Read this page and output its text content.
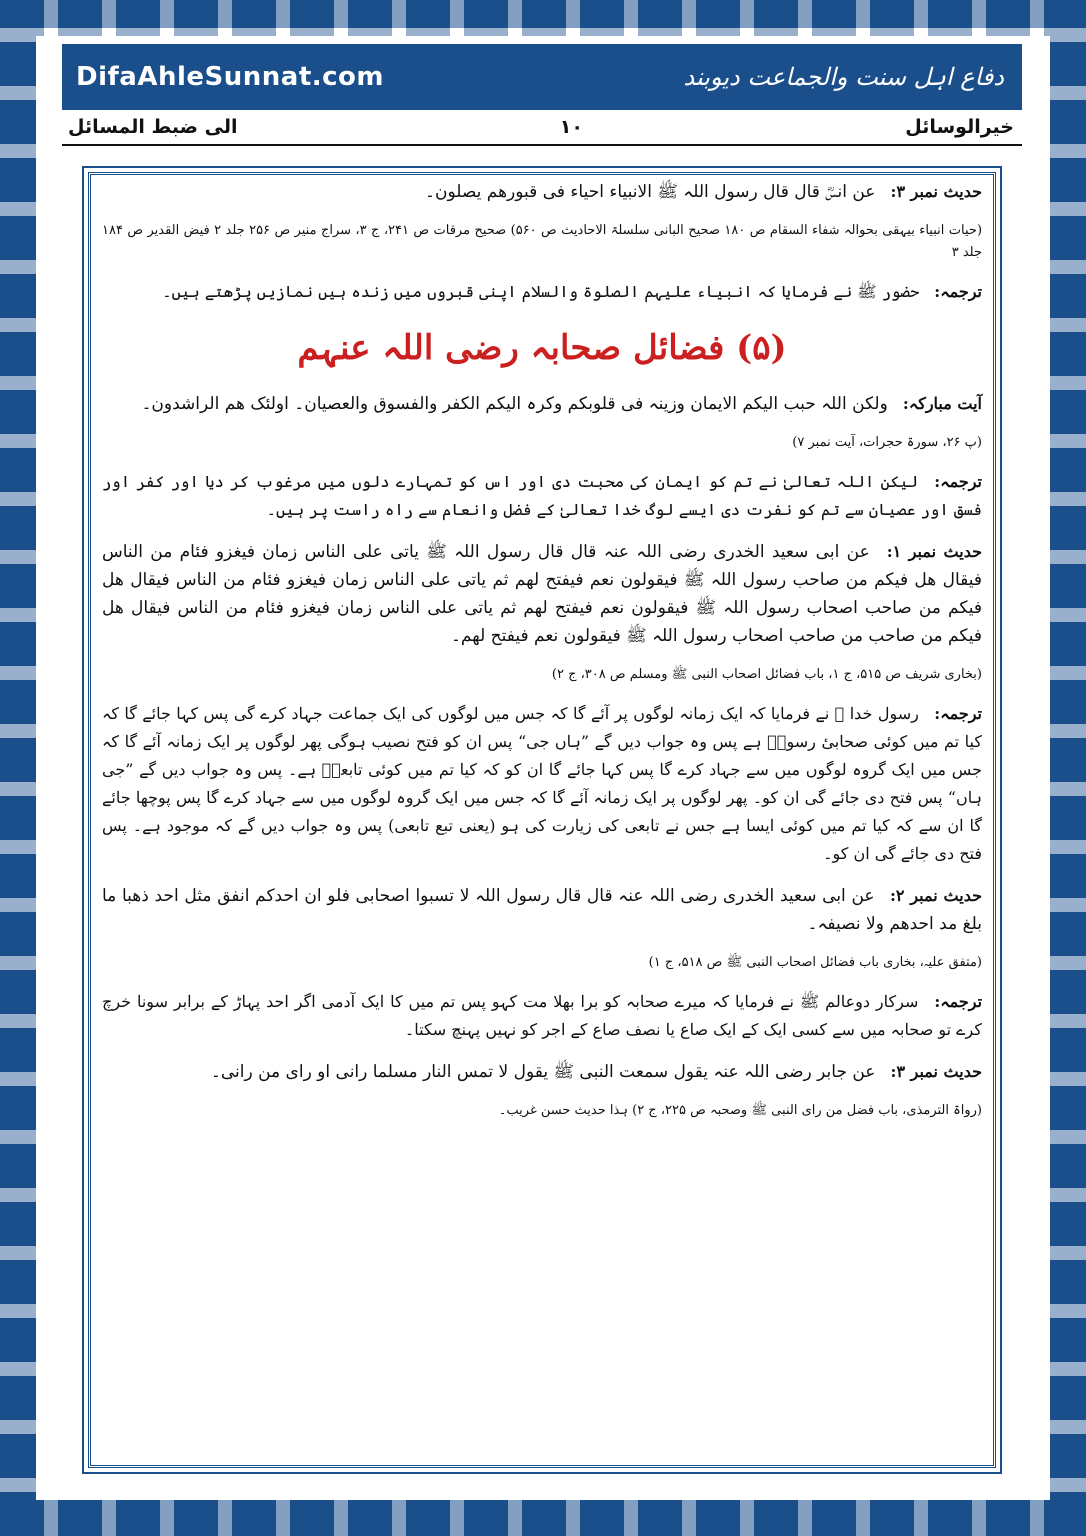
DifaAhleSunnat.com	دفاع اہل سنت والجماعت دیوبند
الی ضبط المسائل	۱۰	خیرالوسائل
حدیث نمبر ۳: عن انسؓ قال قال رسول اللہ ﷺ الانبیاء احیاء فی قبورھم یصلون۔
(حیات انبیاء بیہقی بحوالہ شفاء السقام ص ۱۸۰ صحیح البانی سلسلۃ الاحادیث ص ۵۶۰) صحیح مرقات ص ۲۴۱، ج ۳، سراج منیر ص ۲۵۶ جلد ۲ فیض القدیر ص ۱۸۴ جلد ۳
ترجمہ: حضور ﷺ نے فرمایا کہ انبیاء علیہم الصلوۃ والسلام اپنی قبروں میں زندہ ہیں نمازیں پڑھتے ہیں۔
(۵) فضائل صحابہ رضی اللہ عنہم
آیت مبارکہ: ولکن اللہ حبب الیکم الایمان وزینہ فی قلوبکم وکرہ الیکم الکفر والفسوق والعصیان۔ اولئک ھم الراشدون۔
(پ ۲۶، سورۃ حجرات، آیت نمبر ۷)
ترجمہ: لیکن اللہ تعالیٰ نے تم کو ایمان کی محبت دی اور اس کو تمہارے دلوں میں مرغوب کر دیا اور کفر اور فسق اور عصیان سے تم کو نفرت دی ایسے لوگ خدا تعالیٰ کے فضل وانعام سے راہ راست پر ہیں۔
حدیث نمبر ۱: عن ابی سعید الخدری رضی اللہ عنہ قال قال رسول اللہ ﷺ یاتی علی الناس زمان فیغزو فئام من الناس فیقال ھل فیکم من صاحب رسول اللہ ﷺ فیقولون نعم فیفتح لھم ثم یاتی علی الناس زمان فیغزو فئام من الناس فیقال ھل فیکم من صاحب اصحاب رسول اللہ ﷺ فیقولون نعم فیفتح لھم ثم یاتی علی الناس زمان فیغزو فئام من الناس فیقال ھل فیکم من صاحب من صاحب اصحاب رسول اللہ ﷺ فیقولون نعم فیفتح لھم۔
(بخاری شریف ص ۵۱۵، ج ۱، باب فضائل اصحاب النبی ﷺ ومسلم ص ۳۰۸، ج ۲)
ترجمہ: رسول خدا ﷺ نے فرمایا کہ ایک زمانہ لوگوں پر آئے گا کہ جس میں لوگوں کی ایک جماعت جہاد کرے گی پس کہا جائے گا کہ کیا تم میں کوئی صحابیٔ رسولؐ ہے پس وہ جواب دیں گے ”ہاں جی“ پس ان کو فتح نصیب ہوگی پھر لوگوں پر ایک زمانہ آئے گا کہ جس میں ایک گروہ لوگوں میں سے جہاد کرے گا پس کہا جائے گا ان کو کہ کیا تم میں کوئی تابعیؒ ہے۔ پس وہ جواب دیں گے ”جی ہاں“ پس فتح دی جائے گی ان کو۔ پھر لوگوں پر ایک زمانہ آئے گا کہ جس میں ایک گروہ لوگوں میں سے جہاد کرے گا پس پوچھا جائے گا ان سے کہ کیا تم میں کوئی ایسا ہے جس نے تابعی کی زیارت کی ہو (یعنی تبع تابعی) پس وہ جواب دیں گے کہ موجود ہے۔ پس فتح دی جائے گی ان کو۔
حدیث نمبر ۲: عن ابی سعید الخدری رضی اللہ عنہ قال قال رسول اللہ لا تسبوا اصحابی فلو ان احدکم انفق مثل احد ذھبا ما بلغ مد احدھم ولا نصیفہ۔
(متفق علیہ، بخاری باب فضائل اصحاب النبی ﷺ ص ۵۱۸، ج ۱)
ترجمہ: سرکار دوعالم ﷺ نے فرمایا کہ میرے صحابہ کو برا بھلا مت کہو پس تم میں کا ایک آدمی اگر احد پہاڑ کے برابر سونا خرچ کرے تو صحابہ میں سے کسی ایک کے ایک صاع یا نصف صاع کے اجر کو نہیں پہنچ سکتا۔
حدیث نمبر ۳: عن جابر رضی اللہ عنہ یقول سمعت النبی ﷺ یقول لا تمس النار مسلما رانی او رای من رانی۔
(رواۃ الترمذی، باب فضل من رای النبی ﷺ وصحبہ ص ۲۲۵، ج ۲) ہذا حدیث حسن غریب۔
